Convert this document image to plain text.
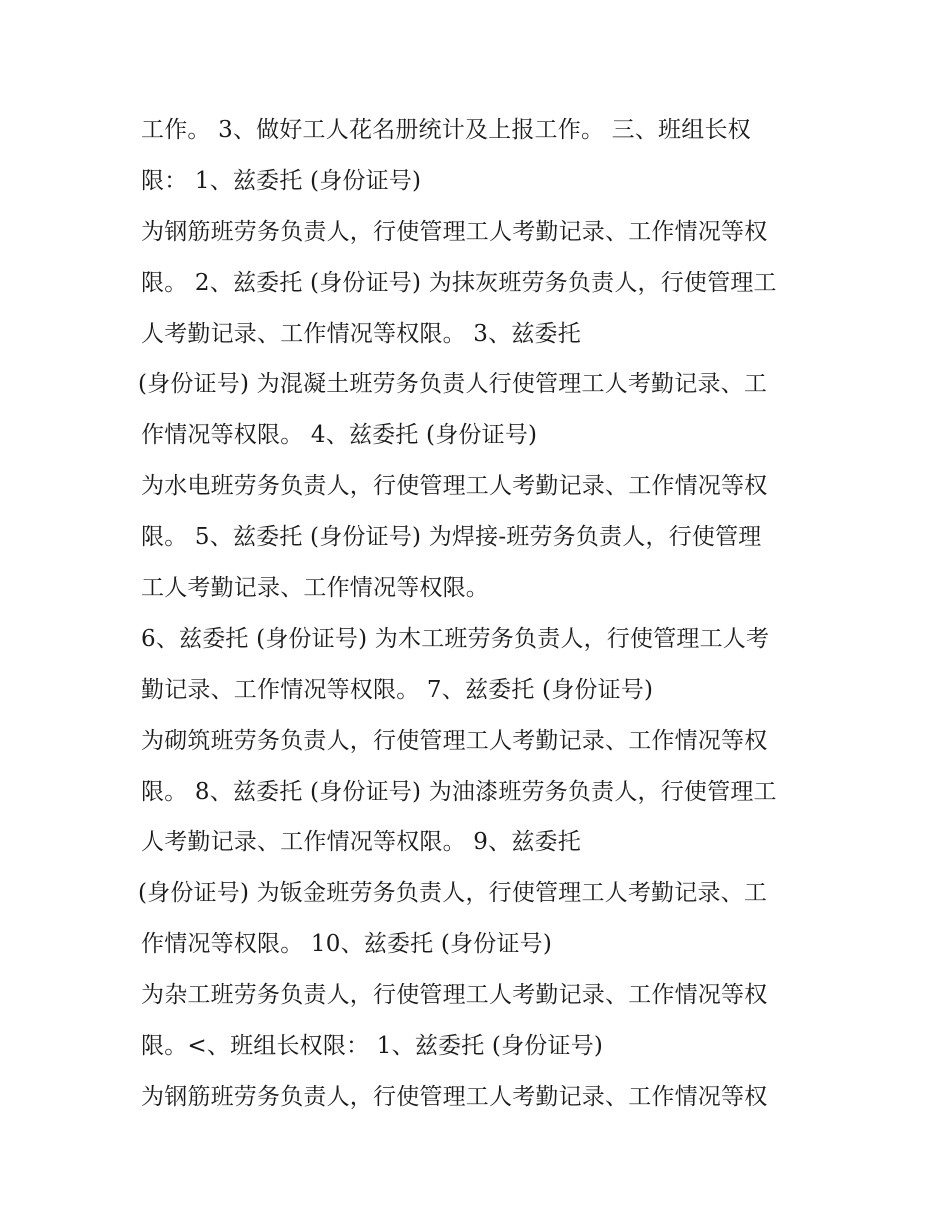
工作。 3、做好工人花名册统计及上报工作。 三、班组长权
限： 1、兹委托 (身份证号)
为钢筋班劳务负责人，行使管理工人考勤记录、工作情况等权
限。 2、兹委托 (身份证号) 为抹灰班劳务负责人，行使管理工
人考勤记录、工作情况等权限。 3、兹委托
(身份证号) 为混凝土班劳务负责人行使管理工人考勤记录、工
作情况等权限。 4、兹委托 (身份证号)
为水电班劳务负责人，行使管理工人考勤记录、工作情况等权
限。 5、兹委托 (身份证号) 为焊接-班劳务负责人，行使管理
工人考勤记录、工作情况等权限。
6、兹委托 (身份证号) 为木工班劳务负责人，行使管理工人考
勤记录、工作情况等权限。 7、兹委托 (身份证号)
为砌筑班劳务负责人，行使管理工人考勤记录、工作情况等权
限。 8、兹委托 (身份证号) 为油漆班劳务负责人，行使管理工
人考勤记录、工作情况等权限。 9、兹委托
(身份证号) 为钣金班劳务负责人，行使管理工人考勤记录、工
作情况等权限。 10、兹委托 (身份证号)
为杂工班劳务负责人，行使管理工人考勤记录、工作情况等权
限。<、班组长权限： 1、兹委托 (身份证号)
为钢筋班劳务负责人，行使管理工人考勤记录、工作情况等权
